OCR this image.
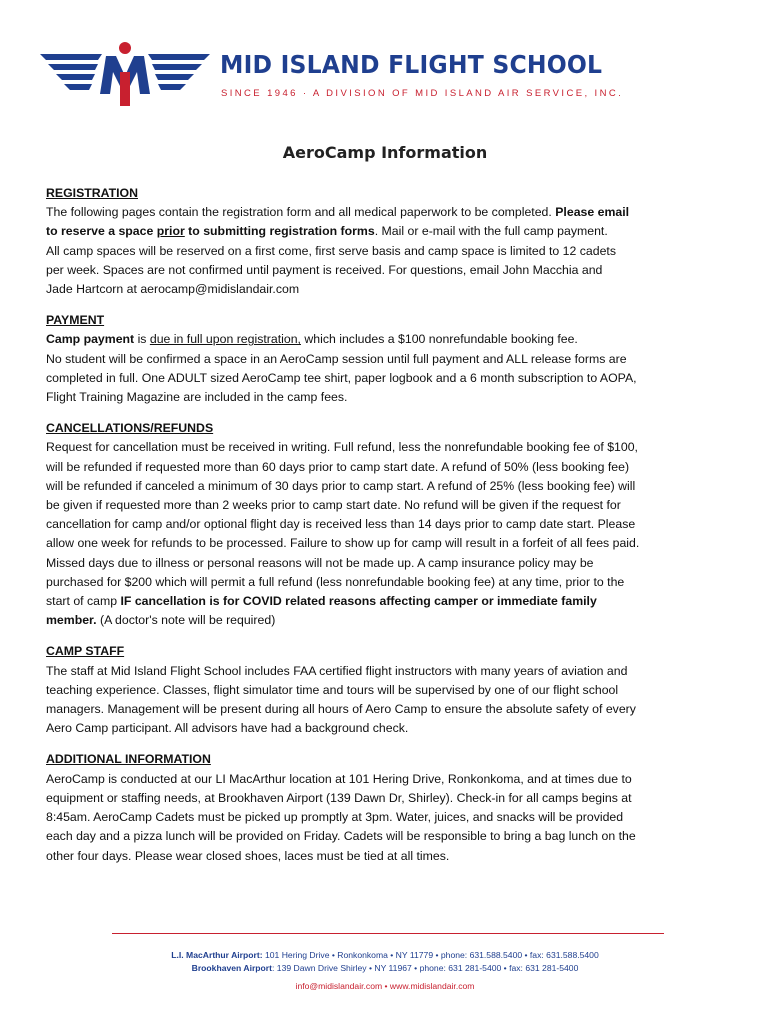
MID ISLAND FLIGHT SCHOOL

SINCE 1946 · A DIVISION OF MID ISLAND AIR SERVICE, INC.

AeroCamp Information

REGISTRATION

The following pages contain the registration form and all medical paperwork to be completed. Please email
to reserve a space prior to submitting registration forms. Mail or e-mail with the full camp payment.
All camp spaces will be reserved on a first come, first serve basis and camp space is limited to 12 cadets
per week. Spaces are not confirmed until payment is received. For questions, email John Macchia and
Jade Hartcorn at aerocamp@midislandair.com

PAYMENT

Camp payment is due in full upon registration, which includes a $100 nonrefundable booking fee.
No student will be confirmed a space in an AeroCamp session until full payment and ALL release forms are
completed in full. One ADULT sized AeroCamp tee shirt, paper logbook and a 6 month subscription to AOPA,
Flight Training Magazine are included in the camp fees.

CANCELLATIONS/REFUNDS

Request for cancellation must be received in writing. Full refund, less the nonrefundable booking fee of $100,
will be refunded if requested more than 60 days prior to camp start date. A refund of 50% (less booking fee)
will be refunded if canceled a minimum of 30 days prior to camp start. A refund of 25% (less booking fee) will
be given if requested more than 2 weeks prior to camp start date. No refund will be given if the request for
cancellation for camp and/or optional flight day is received less than 14 days prior to camp date start. Please
allow one week for refunds to be processed. Failure to show up for camp will result in a forfeit of all fees paid.
Missed days due to illness or personal reasons will not be made up. A camp insurance policy may be
purchased for $200 which will permit a full refund (less nonrefundable booking fee) at any time, prior to the
start of camp IF cancellation is for COVID related reasons affecting camper or immediate family
member. (A doctor's note will be required)

CAMP STAFF

The staff at Mid Island Flight School includes FAA certified flight instructors with many years of aviation and
teaching experience. Classes, flight simulator time and tours will be supervised by one of our flight school
managers. Management will be present during all hours of Aero Camp to ensure the absolute safety of every
Aero Camp participant. All advisors have had a background check.

ADDITIONAL INFORMATION

AeroCamp is conducted at our LI MacArthur location at 101 Hering Drive, Ronkonkoma, and at times due to
equipment or staffing needs, at Brookhaven Airport (139 Dawn Dr, Shirley). Check-in for all camps begins at
8:45am. AeroCamp Cadets must be picked up promptly at 3pm. Water, juices, and snacks will be provided
each day and a pizza lunch will be provided on Friday. Cadets will be responsible to bring a bag lunch on the
other four days. Please wear closed shoes, laces must be tied at all times.
L.I. MacArthur Airport: 101 Hering Drive • Ronkonkoma • NY 11779 • phone: 631.588.5400 • fax: 631.588.5400
Brookhaven Airport: 139 Dawn Drive Shirley • NY 11967 • phone: 631 281-5400 • fax: 631 281-5400
info@midislandair.com • www.midislandair.com
